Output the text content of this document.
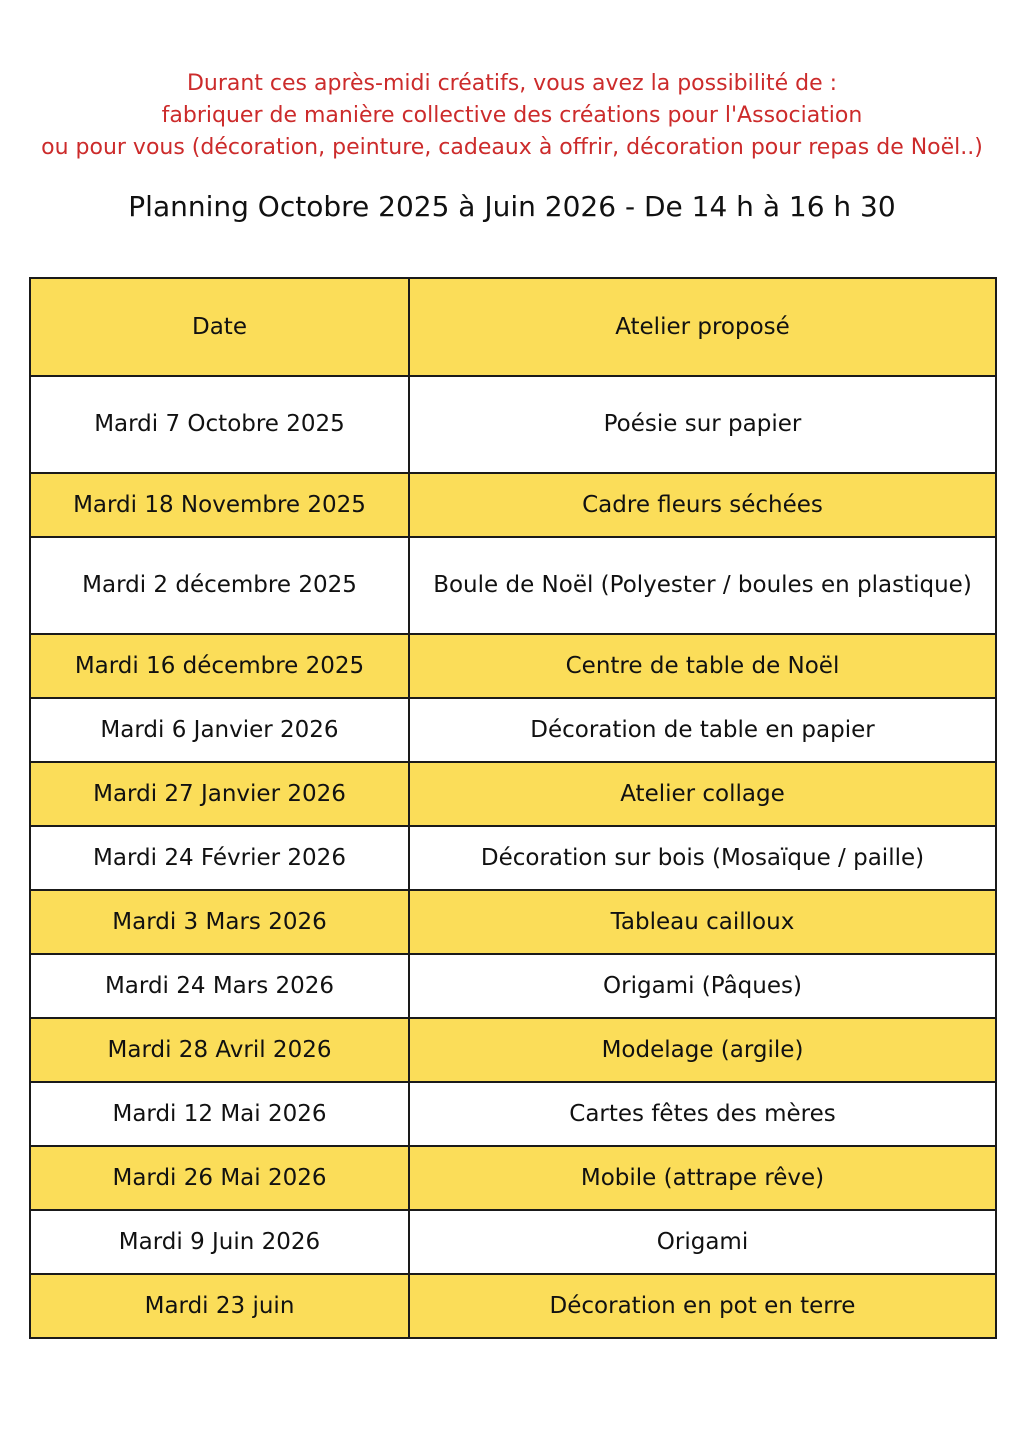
Durant ces après-midi créatifs, vous avez la possibilité de :
fabriquer de manière collective des créations pour l'Association
ou pour vous (décoration, peinture, cadeaux à offrir, décoration pour repas de Noël..)
Planning Octobre 2025 à Juin 2026 - De 14 h à 16 h 30
Date	Atelier proposé
Mardi 7 Octobre 2025	Poésie sur papier
Mardi 18 Novembre 2025	Cadre fleurs séchées
Mardi 2 décembre 2025	Boule de Noël (Polyester / boules en plastique)
Mardi 16 décembre 2025	Centre de table de Noël
Mardi 6 Janvier 2026	Décoration de table en papier
Mardi 27 Janvier 2026	Atelier collage
Mardi 24 Février 2026	Décoration sur bois (Mosaïque / paille)
Mardi 3 Mars 2026	Tableau cailloux
Mardi 24 Mars 2026	Origami (Pâques)
Mardi 28 Avril 2026	Modelage (argile)
Mardi 12 Mai 2026	Cartes fêtes des mères
Mardi 26 Mai 2026	Mobile (attrape rêve)
Mardi 9 Juin 2026	Origami
Mardi 23 juin	Décoration en pot en terre
